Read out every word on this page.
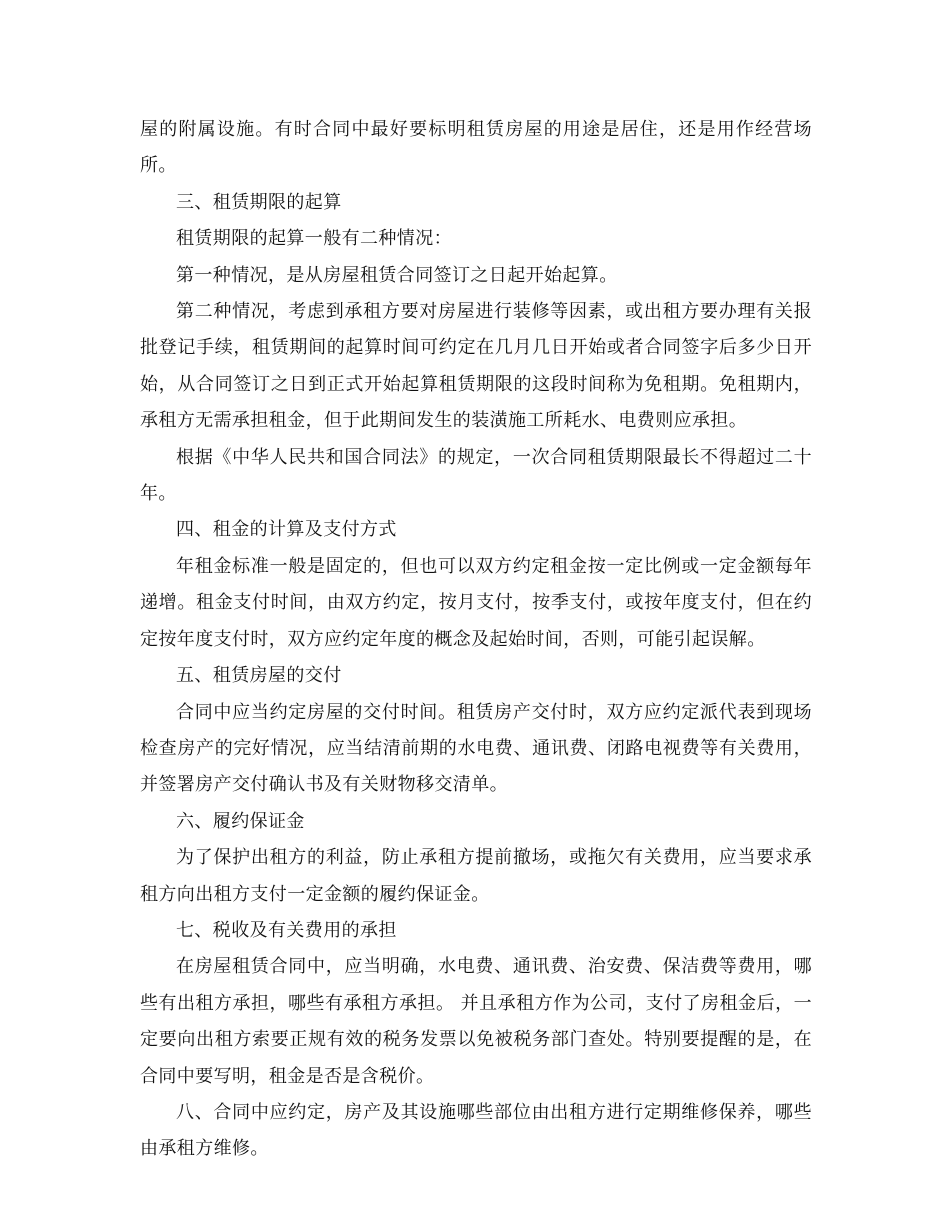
屋的附属设施。有时合同中最好要标明租赁房屋的用途是居住，还是用作经营场所。

三、租赁期限的起算

租赁期限的起算一般有二种情况：

第一种情况，是从房屋租赁合同签订之日起开始起算。

第二种情况，考虑到承租方要对房屋进行装修等因素，或出租方要办理有关报批登记手续，租赁期间的起算时间可约定在几月几日开始或者合同签字后多少日开始，从合同签订之日到正式开始起算租赁期限的这段时间称为免租期。免租期内，承租方无需承担租金，但于此期间发生的装潢施工所耗水、电费则应承担。

根据《中华人民共和国合同法》的规定，一次合同租赁期限最长不得超过二十年。

四、租金的计算及支付方式

年租金标准一般是固定的，但也可以双方约定租金按一定比例或一定金额每年递增。租金支付时间，由双方约定，按月支付，按季支付，或按年度支付，但在约定按年度支付时，双方应约定年度的概念及起始时间，否则，可能引起误解。

五、租赁房屋的交付

合同中应当约定房屋的交付时间。租赁房产交付时，双方应约定派代表到现场检查房产的完好情况，应当结清前期的水电费、通讯费、闭路电视费等有关费用，并签署房产交付确认书及有关财物移交清单。

六、履约保证金

为了保护出租方的利益，防止承租方提前撤场，或拖欠有关费用，应当要求承租方向出租方支付一定金额的履约保证金。

七、税收及有关费用的承担

在房屋租赁合同中，应当明确，水电费、通讯费、治安费、保洁费等费用，哪些有出租方承担，哪些有承租方承担。 并且承租方作为公司，支付了房租金后，一定要向出租方索要正规有效的税务发票以免被税务部门查处。特别要提醒的是，在合同中要写明，租金是否是含税价。

八、合同中应约定，房产及其设施哪些部位由出租方进行定期维修保养，哪些由承租方维修。
